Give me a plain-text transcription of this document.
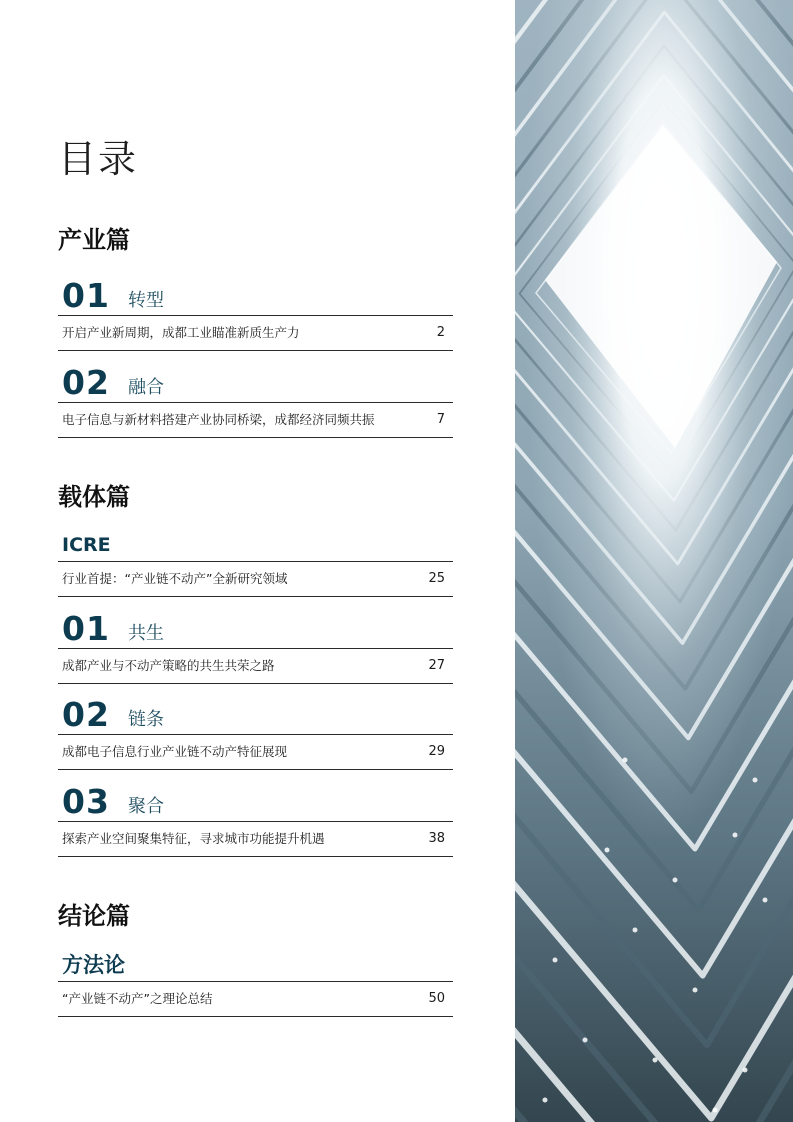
目录
产业篇
01 转型
开启产业新周期，成都工业瞄准新质生产力	2
02 融合
电子信息与新材料搭建产业协同桥梁，成都经济同频共振	7
载体篇
ICRE
行业首提：“产业链不动产”全新研究领域	25
01 共生
成都产业与不动产策略的共生共荣之路	27
02 链条
成都电子信息行业产业链不动产特征展现	29
03 聚合
探索产业空间聚集特征，寻求城市功能提升机遇	38
结论篇
方法论
“产业链不动产”之理论总结	50
